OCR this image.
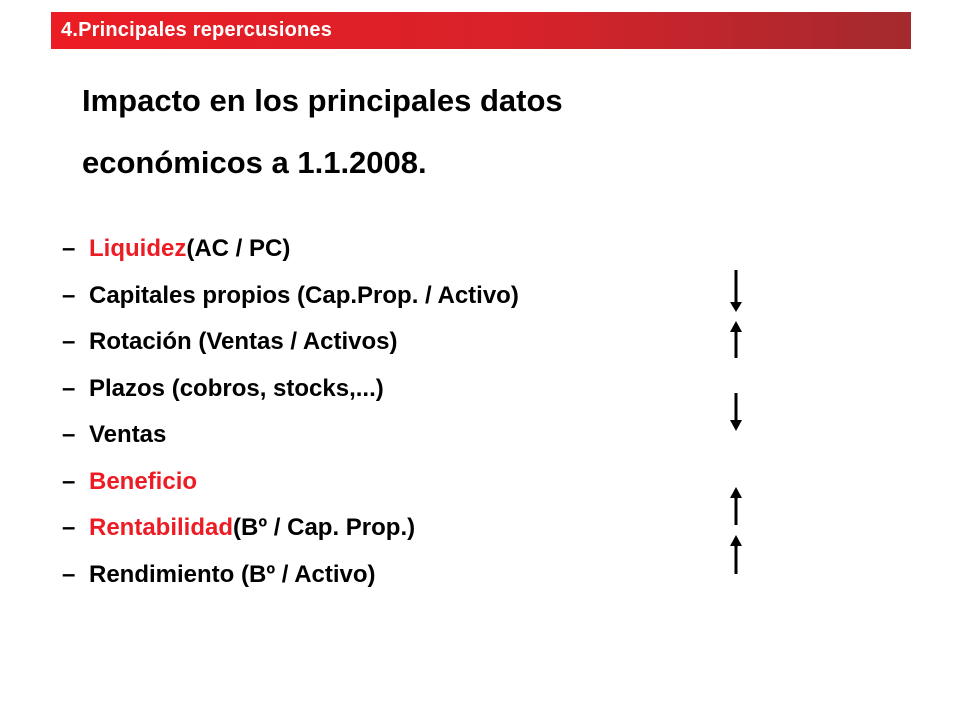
4.Principales repercusiones
Impacto en los principales datos
económicos a 1.1.2008.
– Liquidez (AC / PC)
– Capitales propios (Cap.Prop. / Activo)
– Rotación (Ventas / Activos)
– Plazos (cobros, stocks,...)
– Ventas
– Beneficio
– Rentabilidad (Bº / Cap. Prop.)
– Rendimiento (Bº / Activo)
